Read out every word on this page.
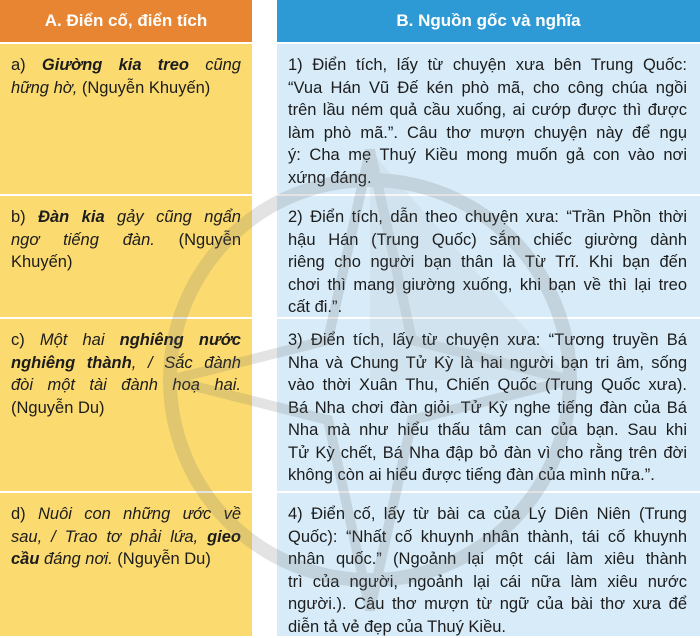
A. Điển cố, điển tích
a) Giường kia treo cũng
hững hờ, (Nguyễn Khuyến)
b) Đàn kia gảy cũng ngẩn
ngơ tiếng đàn. (Nguyễn
Khuyến)
c) Một hai nghiêng nước
nghiêng thành, / Sắc đành
đòi một tài đành hoạ hai.
(Nguyễn Du)
d) Nuôi con những ước về
sau, / Trao tơ phải lứa, gieo
cầu đáng nơi. (Nguyễn Du)
B. Nguồn gốc và nghĩa
1) Điển tích, lấy từ chuyện xưa bên Trung Quốc:
“Vua Hán Vũ Đế kén phò mã, cho công chúa ngồi
trên lầu ném quả cầu xuống, ai cướp được thì được
làm phò mã.”. Câu thơ mượn chuyện này để ngụ
ý: Cha mẹ Thuý Kiều mong muốn gả con vào nơi
xứng đáng.
2) Điển tích, dẫn theo chuyện xưa: “Trần Phồn thời
hậu Hán (Trung Quốc) sắm chiếc giường dành
riêng cho người bạn thân là Từ Trĩ. Khi bạn đến
chơi thì mang giường xuống, khi bạn về thì lại treo
cất đi.”.
3) Điển tích, lấy từ chuyện xưa: “Tương truyền Bá
Nha và Chung Tử Kỳ là hai người bạn tri âm, sống
vào thời Xuân Thu, Chiến Quốc (Trung Quốc xưa).
Bá Nha chơi đàn giỏi. Tử Kỳ nghe tiếng đàn của Bá
Nha mà như hiểu thấu tâm can của bạn. Sau khi
Tử Kỳ chết, Bá Nha đập bỏ đàn vì cho rằng trên đời
không còn ai hiểu được tiếng đàn của mình nữa.”.
4) Điển cố, lấy từ bài ca của Lý Diên Niên (Trung
Quốc): “Nhất cố khuynh nhân thành, tái cố khuynh
nhân quốc.” (Ngoảnh lại một cái làm xiêu thành
trì của người, ngoảnh lại cái nữa làm xiêu nước
người.). Câu thơ mượn từ ngữ của bài thơ xưa để
diễn tả vẻ đẹp của Thuý Kiều.
